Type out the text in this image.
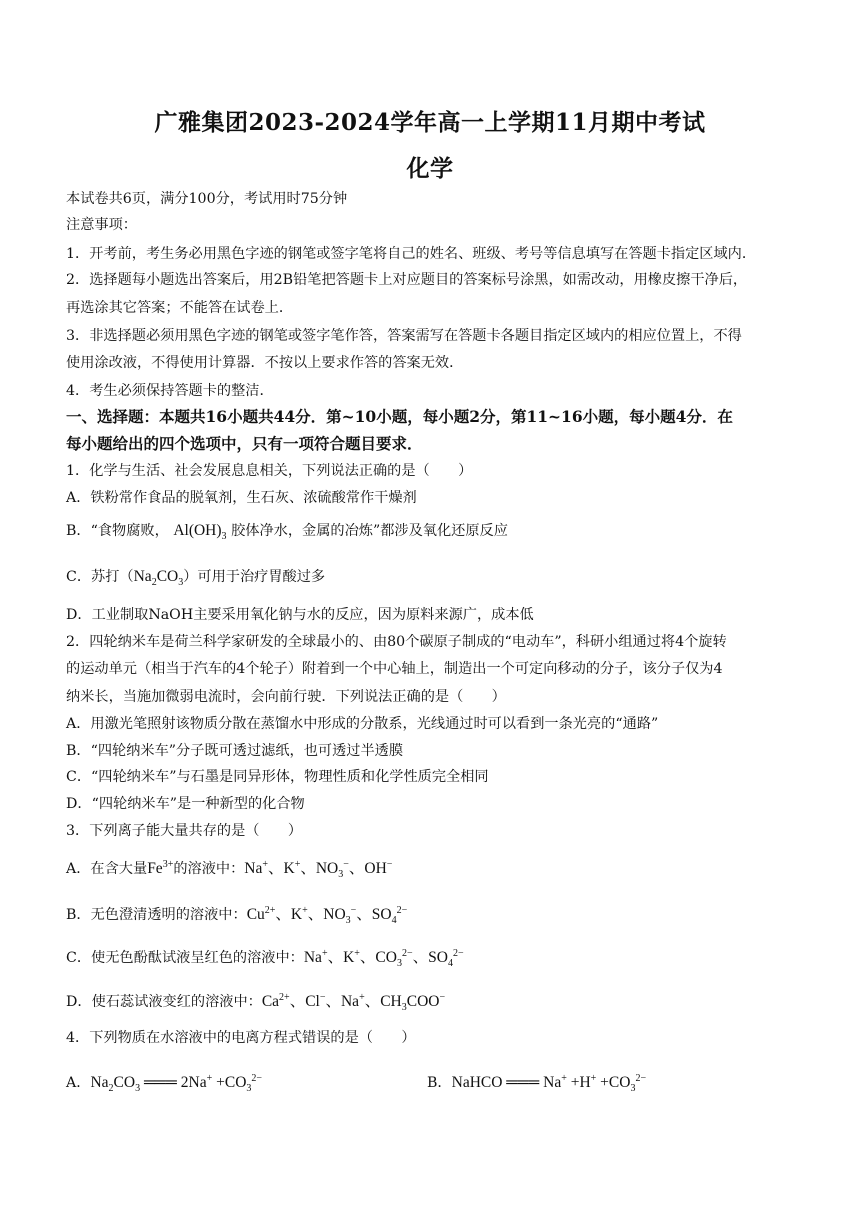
广雅集团2023-2024学年高一上学期11月期中考试
化学
本试卷共6页，满分100分，考试用时75分钟
注意事项：
1．开考前，考生务必用黑色字迹的钢笔或签字笔将自己的姓名、班级、考号等信息填写在答题卡指定区域内．
2．选择题每小题选出答案后，用2B铅笔把答题卡上对应题目的答案标号涂黑，如需改动，用橡皮擦干净后，
再选涂其它答案；不能答在试卷上．
3．非选择题必须用黑色字迹的钢笔或签字笔作答，答案需写在答题卡各题目指定区域内的相应位置上，不得
使用涂改液，不得使用计算器．不按以上要求作答的答案无效．
4．考生必须保持答题卡的整洁．
一、选择题：本题共16小题共44分．第~10小题，每小题2分，第11~16小题，每小题4分．在
每小题给出的四个选项中，只有一项符合题目要求．
1．化学与生活、社会发展息息相关，下列说法正确的是（　　）
A．铁粉常作食品的脱氧剂，生石灰、浓硫酸常作干燥剂
B．“食物腐败， $Al(OH)_3$ 胶体净水，金属的冶炼”都涉及氧化还原反应
C．苏打$(Na_2CO_3)$可用于治疗胃酸过多
D．工业制取NaOH主要采用氧化钠与水的反应，因为原料来源广，成本低
2．四轮纳米车是荷兰科学家研发的全球最小的、由80个碳原子制成的“电动车”，科研小组通过将4个旋转
的运动单元（相当于汽车的4个轮子）附着到一个中心轴上，制造出一个可定向移动的分子，该分子仅为4
纳米长，当施加微弱电流时，会向前行驶．下列说法正确的是（　　）
A．用激光笔照射该物质分散在蒸馏水中形成的分散系，光线通过时可以看到一条光亮的“通路”
B．“四轮纳米车”分子既可透过滤纸，也可透过半透膜
C．“四轮纳米车”与石墨是同异形体，物理性质和化学性质完全相同
D．“四轮纳米车”是一种新型的化合物
3．下列离子能大量共存的是（　　）
A．在含大量$Fe^{3+}$的溶液中：Na+、K+、$NO_3^-$、OH−
B．无色澄清透明的溶液中：$Cu^{2+}$、K+、$NO_3^-$、$SO_4^{2-}$
C．使无色酚酞试液呈红色的溶液中：Na+、K+、$CO_3^{2-}$、$SO_4^{2-}$
D．使石蕊试液变红的溶液中：$Ca^{2+}$、Cl−、Na+、$CH_3COO^-$
4．下列物质在水溶液中的电离方程式错误的是（　　）
A．$Na_2CO_3$ ═══ $2Na^+ +CO_3^{2-}$	B．NaHCO ═══ $Na^+ +H^+ +CO_3^{2-}$
